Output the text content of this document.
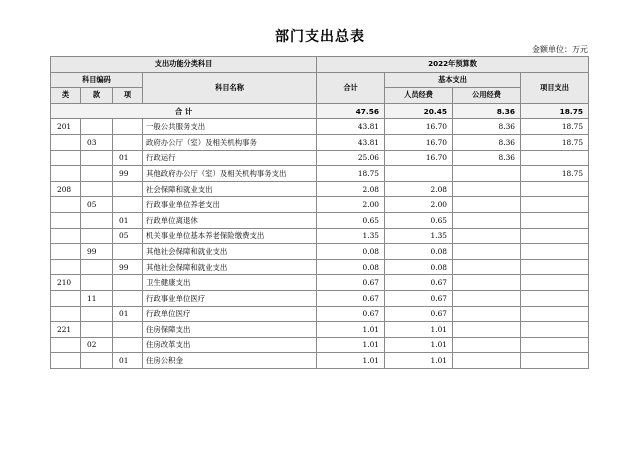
部门支出总表
金额单位：万元
支出功能分类科目				2022年预算数			
科目编码			科目名称	合计	基本支出		项目支出
类	款	项			人员经费	公用经费	
合 计				47.56	20.45	8.36	18.75
201			一般公共服务支出	43.81	16.70	8.36	18.75
	03		政府办公厅（室）及相关机构事务	43.81	16.70	8.36	18.75
		01	行政运行	25.06	16.70	8.36	
		99	其他政府办公厅（室）及相关机构事务支出	18.75			18.75
208			社会保障和就业支出	2.08	2.08		
	05		行政事业单位养老支出	2.00	2.00		
		01	行政单位离退休	0.65	0.65		
		05	机关事业单位基本养老保险缴费支出	1.35	1.35		
	99		其他社会保障和就业支出	0.08	0.08		
		99	其他社会保障和就业支出	0.08	0.08		
210			卫生健康支出	0.67	0.67		
	11		行政事业单位医疗	0.67	0.67		
		01	行政单位医疗	0.67	0.67		
221			住房保障支出	1.01	1.01		
	02		住房改革支出	1.01	1.01		
		01	住房公积金	1.01	1.01		
